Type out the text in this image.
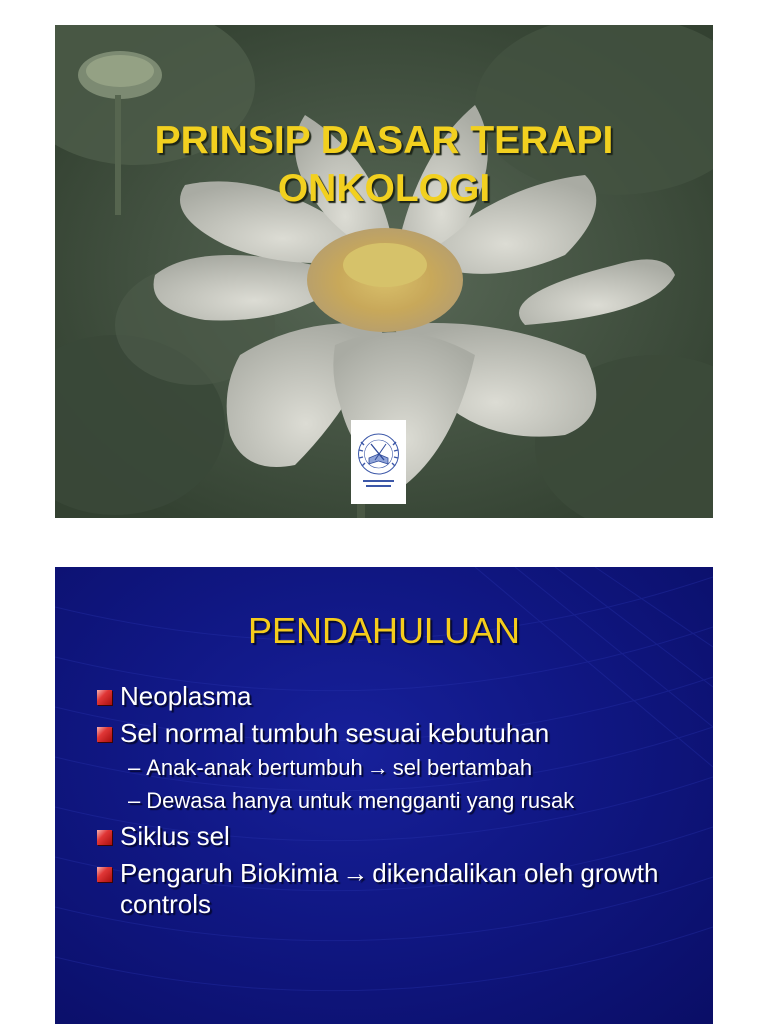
PRINSIP DASAR TERAPI
ONKOLOGI
PENDAHULUAN
Neoplasma
Sel normal tumbuh sesuai kebutuhan
– Anak-anak bertumbuh → sel bertambah
– Dewasa hanya untuk mengganti yang rusak
Siklus sel
Pengaruh Biokimia → dikendalikan oleh growth controls
